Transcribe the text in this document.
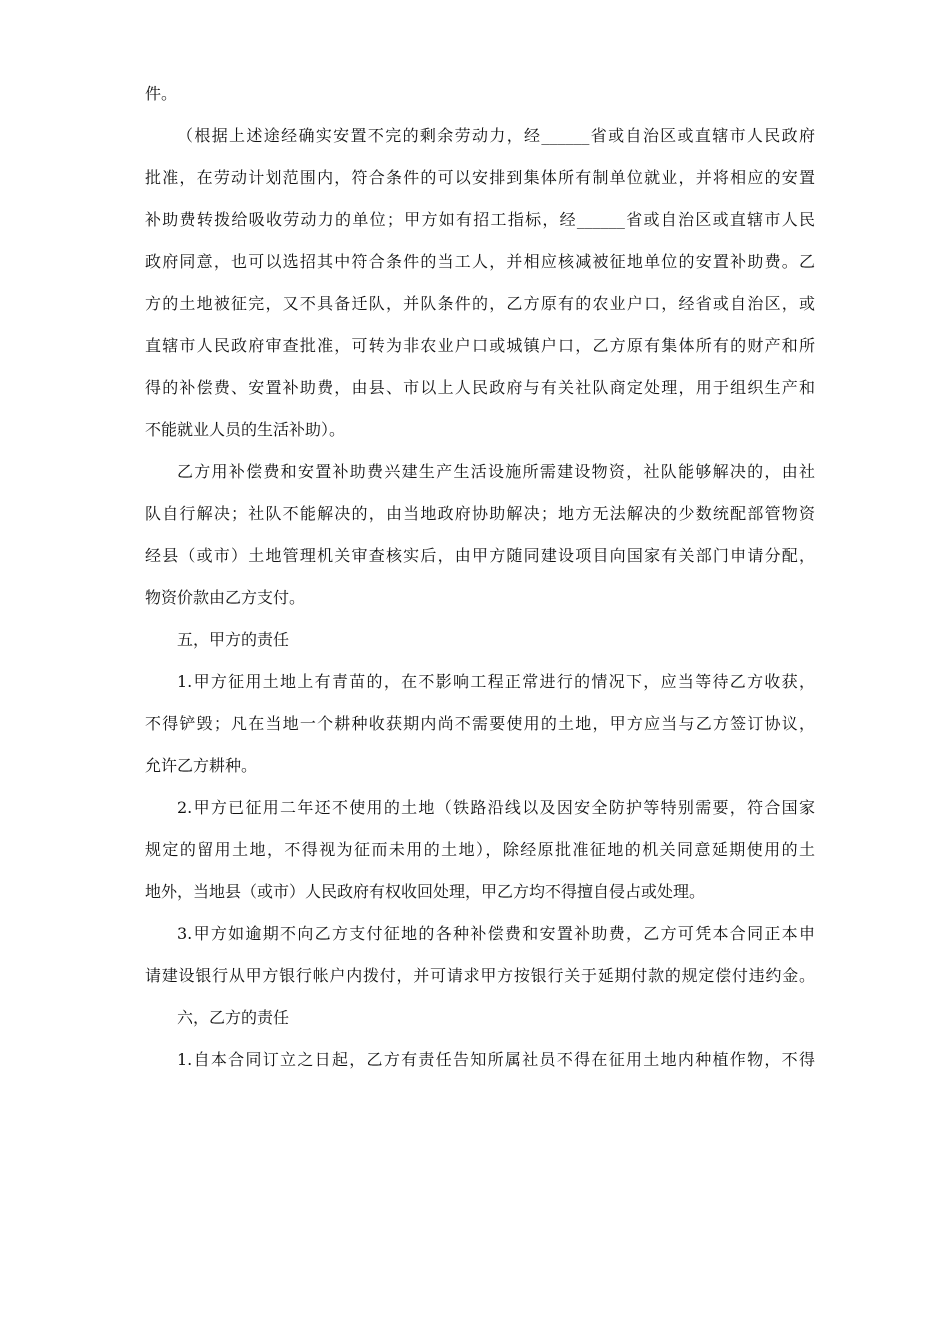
件。
（根据上述途经确实安置不完的剩余劳动力，经______省或自治区或直辖市人民政府
批准，在劳动计划范围内，符合条件的可以安排到集体所有制单位就业，并将相应的安置
补助费转拨给吸收劳动力的单位；甲方如有招工指标，经______省或自治区或直辖市人民
政府同意，也可以选招其中符合条件的当工人，并相应核减被征地单位的安置补助费。乙
方的土地被征完，又不具备迁队，并队条件的，乙方原有的农业户口，经省或自治区，或
直辖市人民政府审查批准，可转为非农业户口或城镇户口，乙方原有集体所有的财产和所
得的补偿费、安置补助费，由县、市以上人民政府与有关社队商定处理，用于组织生产和
不能就业人员的生活补助）。
乙方用补偿费和安置补助费兴建生产生活设施所需建设物资，社队能够解决的，由社
队自行解决；社队不能解决的，由当地政府协助解决；地方无法解决的少数统配部管物资
经县（或市）土地管理机关审查核实后，由甲方随同建设项目向国家有关部门申请分配，
物资价款由乙方支付。
五，甲方的责任
1.甲方征用土地上有青苗的，在不影响工程正常进行的情况下，应当等待乙方收获，
不得铲毁；凡在当地一个耕种收获期内尚不需要使用的土地，甲方应当与乙方签订协议，
允许乙方耕种。
2.甲方已征用二年还不使用的土地（铁路沿线以及因安全防护等特别需要，符合国家
规定的留用土地，不得视为征而未用的土地），除经原批准征地的机关同意延期使用的土
地外，当地县（或市）人民政府有权收回处理，甲乙方均不得擅自侵占或处理。
3.甲方如逾期不向乙方支付征地的各种补偿费和安置补助费，乙方可凭本合同正本申
请建设银行从甲方银行帐户内拨付，并可请求甲方按银行关于延期付款的规定偿付违约金。
六，乙方的责任
1.自本合同订立之日起，乙方有责任告知所属社员不得在征用土地内种植作物，不得
